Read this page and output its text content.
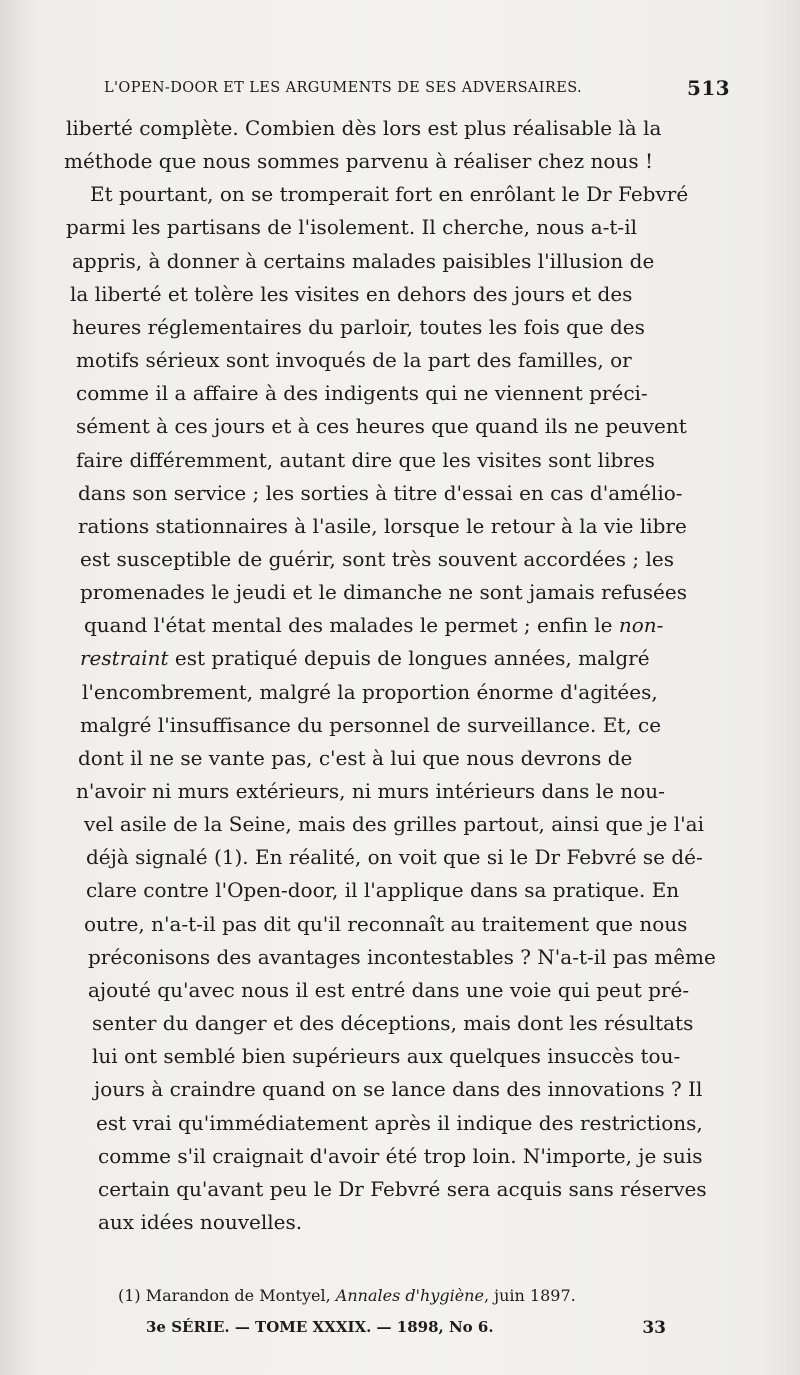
L'OPEN-DOOR ET LES ARGUMENTS DE SES ADVERSAIRES.	513
liberté complète. Combien dès lors est plus réalisable là la
méthode que nous sommes parvenu à réaliser chez nous !
Et pourtant, on se tromperait fort en enrôlant le Dr Febvré
parmi les partisans de l'isolement. Il cherche, nous a-t-il
appris, à donner à certains malades paisibles l'illusion de
la liberté et tolère les visites en dehors des jours et des
heures réglementaires du parloir, toutes les fois que des
motifs sérieux sont invoqués de la part des familles, or
comme il a affaire à des indigents qui ne viennent préci-
sément à ces jours et à ces heures que quand ils ne peuvent
faire différemment, autant dire que les visites sont libres
dans son service ; les sorties à titre d'essai en cas d'amélio-
rations stationnaires à l'asile, lorsque le retour à la vie libre
est susceptible de guérir, sont très souvent accordées ; les
promenades le jeudi et le dimanche ne sont jamais refusées
quand l'état mental des malades le permet ; enfin le non-
restraint est pratiqué depuis de longues années, malgré
l'encombrement, malgré la proportion énorme d'agitées,
malgré l'insuffisance du personnel de surveillance. Et, ce
dont il ne se vante pas, c'est à lui que nous devrons de
n'avoir ni murs extérieurs, ni murs intérieurs dans le nou-
vel asile de la Seine, mais des grilles partout, ainsi que je l'ai
déjà signalé (1). En réalité, on voit que si le Dr Febvré se dé-
clare contre l'Open-door, il l'applique dans sa pratique. En
outre, n'a-t-il pas dit qu'il reconnaît au traitement que nous
préconisons des avantages incontestables ? N'a-t-il pas même
ajouté qu'avec nous il est entré dans une voie qui peut pré-
senter du danger et des déceptions, mais dont les résultats
lui ont semblé bien supérieurs aux quelques insuccès tou-
jours à craindre quand on se lance dans des innovations ? Il
est vrai qu'immédiatement après il indique des restrictions,
comme s'il craignait d'avoir été trop loin. N'importe, je suis
certain qu'avant peu le Dr Febvré sera acquis sans réserves
aux idées nouvelles.
(1) Marandon de Montyel, Annales d'hygiène, juin 1897.
3e SÉRIE. — TOME XXXIX. — 1898, No 6.	33
